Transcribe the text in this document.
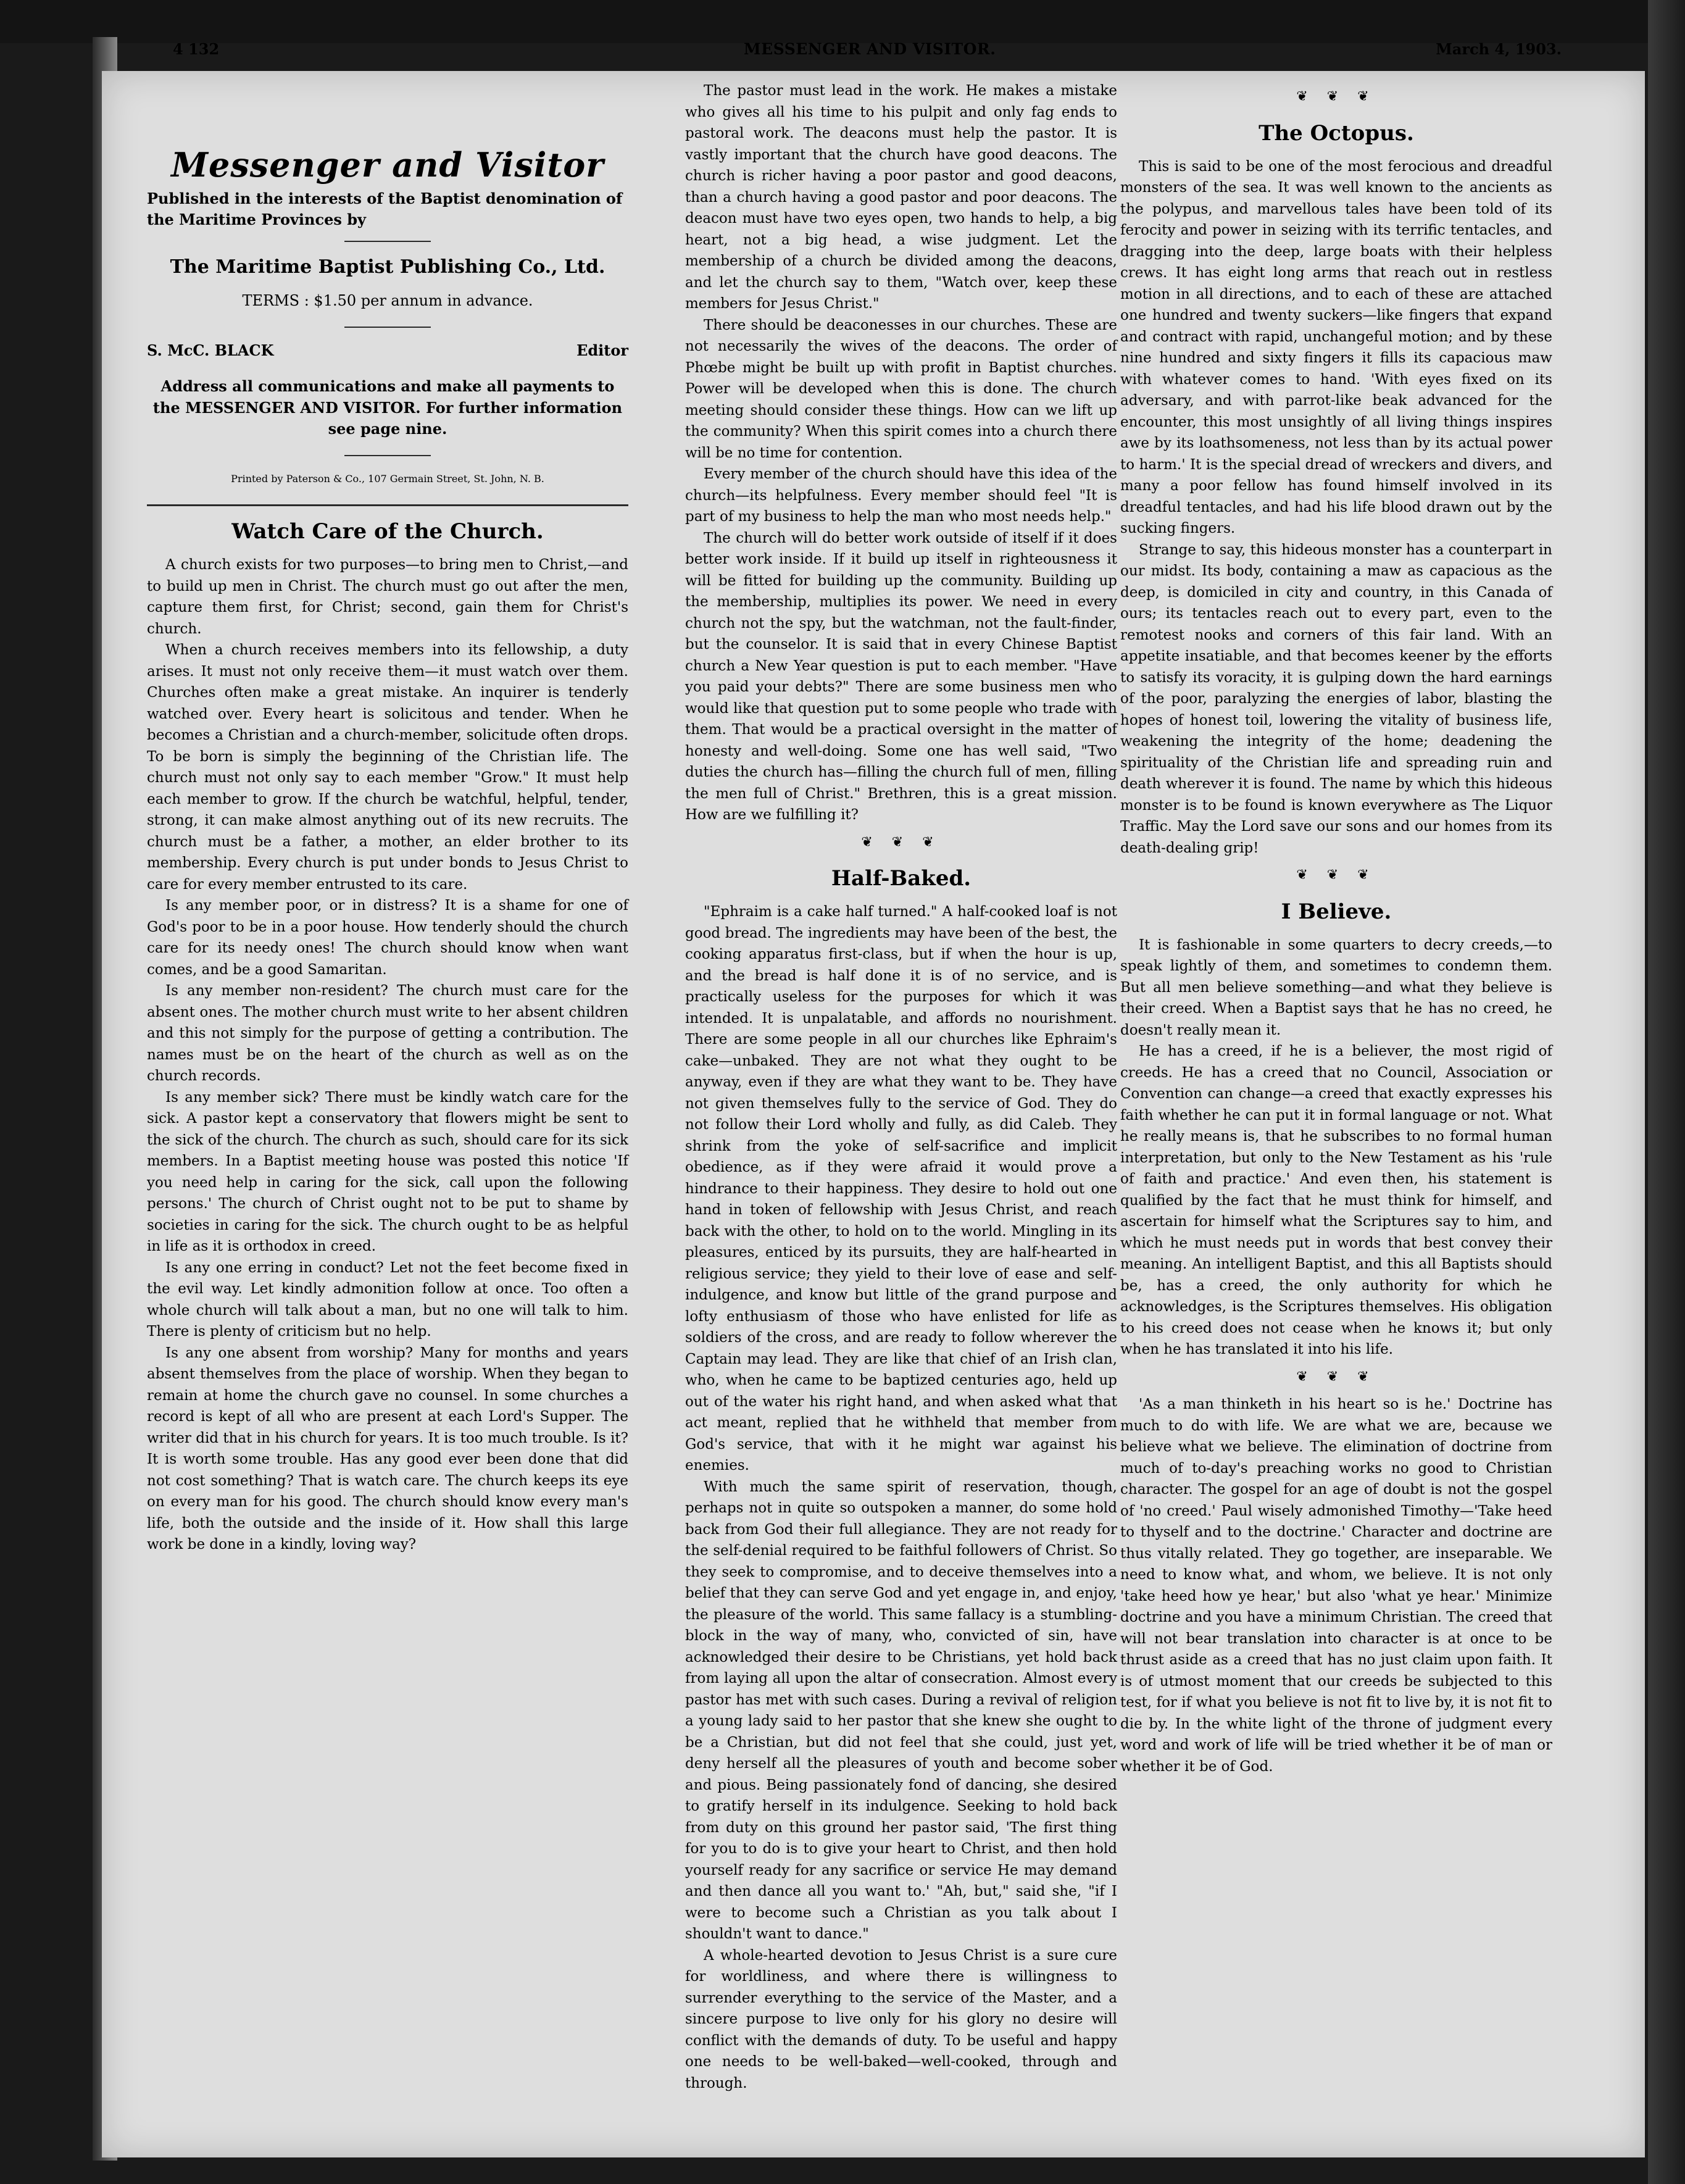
4 132	MESSENGER AND VISITOR.	March 4, 1903.
Messenger and Visitor
Published in the interests of the Baptist denomination of the Maritime Provinces by
The Maritime Baptist Publishing Co., Ltd.
TERMS : $1.50 per annum in advance.
S. McC. BLACK	Editor
Address all communications and make all payments to the MESSENGER AND VISITOR. For further information see page nine.
Printed by Paterson & Co., 107 Germain Street, St. John, N. B.
Watch Care of the Church.

A church exists for two purposes—to bring men to Christ,—and to build up men in Christ. The church must go out after the men, capture them first, for Christ; second, gain them for Christ's church.

When a church receives members into its fellowship, a duty arises. It must not only receive them—it must watch over them. Churches often make a great mistake. An inquirer is tenderly watched over. Every heart is solicitous and tender. When he becomes a Christian and a church-member, solicitude often drops. To be born is simply the beginning of the Christian life. The church must not only say to each member "Grow." It must help each member to grow. If the church be watchful, helpful, tender, strong, it can make almost anything out of its new recruits. The church must be a father, a mother, an elder brother to its membership. Every church is put under bonds to Jesus Christ to care for every member entrusted to its care.

Is any member poor, or in distress? It is a shame for one of God's poor to be in a poor house. How tenderly should the church care for its needy ones! The church should know when want comes, and be a good Samaritan.

Is any member non-resident? The church must care for the absent ones. The mother church must write to her absent children and this not simply for the purpose of getting a contribution. The names must be on the heart of the church as well as on the church records.

Is any member sick? There must be kindly watch care for the sick. A pastor kept a conservatory that flowers might be sent to the sick of the church. The church as such, should care for its sick members. In a Baptist meeting house was posted this notice 'If you need help in caring for the sick, call upon the following persons.' The church of Christ ought not to be put to shame by societies in caring for the sick. The church ought to be as helpful in life as it is orthodox in creed.

Is any one erring in conduct? Let not the feet become fixed in the evil way. Let kindly admonition follow at once. Too often a whole church will talk about a man, but no one will talk to him. There is plenty of criticism but no help.

Is any one absent from worship? Many for months and years absent themselves from the place of worship. When they began to remain at home the church gave no counsel. In some churches a record is kept of all who are present at each Lord's Supper. The writer did that in his church for years. It is too much trouble. Is it? It is worth some trouble. Has any good ever been done that did not cost something? That is watch care. The church keeps its eye on every man for his good. The church should know every man's life, both the outside and the inside of it. How shall this large work be done in a kindly, loving way?

The pastor must lead in the work. He makes a mistake who gives all his time to his pulpit and only fag ends to pastoral work. The deacons must help the pastor. It is vastly important that the church have good deacons. The church is richer having a poor pastor and good deacons, than a church having a good pastor and poor deacons. The deacon must have two eyes open, two hands to help, a big heart, not a big head, a wise judgment. Let the membership of a church be divided among the deacons, and let the church say to them, "Watch over, keep these members for Jesus Christ."

There should be deaconesses in our churches. These are not necessarily the wives of the deacons. The order of Phœbe might be built up with profit in Baptist churches. Power will be developed when this is done. The church meeting should consider these things. How can we lift up the community? When this spirit comes into a church there will be no time for contention.

Every member of the church should have this idea of the church—its helpfulness. Every member should feel "It is part of my business to help the man who most needs help."

The church will do better work outside of itself if it does better work inside. If it build up itself in righteousness it will be fitted for building up the community. Building up the membership, multiplies its power. We need in every church not the spy, but the watchman, not the fault-finder, but the counselor. It is said that in every Chinese Baptist church a New Year question is put to each member. "Have you paid your debts?" There are some business men who would like that question put to some people who trade with them. That would be a practical oversight in the matter of honesty and well-doing. Some one has well said, "Two duties the church has—filling the church full of men, filling the men full of Christ." Brethren, this is a great mission. How are we fulfilling it?

❦ ❦ ❦
Half-Baked.

"Ephraim is a cake half turned." A half-cooked loaf is not good bread. The ingredients may have been of the best, the cooking apparatus first-class, but if when the hour is up, and the bread is half done it is of no service, and is practically useless for the purposes for which it was intended. It is unpalatable, and affords no nourishment. There are some people in all our churches like Ephraim's cake—unbaked. They are not what they ought to be anyway, even if they are what they want to be. They have not given themselves fully to the service of God. They do not follow their Lord wholly and fully, as did Caleb. They shrink from the yoke of self-sacrifice and implicit obedience, as if they were afraid it would prove a hindrance to their happiness. They desire to hold out one hand in token of fellowship with Jesus Christ, and reach back with the other, to hold on to the world. Mingling in its pleasures, enticed by its pursuits, they are half-hearted in religious service; they yield to their love of ease and self-indulgence, and know but little of the grand purpose and lofty enthusiasm of those who have enlisted for life as soldiers of the cross, and are ready to follow wherever the Captain may lead. They are like that chief of an Irish clan, who, when he came to be baptized centuries ago, held up out of the water his right hand, and when asked what that act meant, replied that he withheld that member from God's service, that with it he might war against his enemies.

With much the same spirit of reservation, though, perhaps not in quite so outspoken a manner, do some hold back from God their full allegiance. They are not ready for the self-denial required to be faithful followers of Christ. So they seek to compromise, and to deceive themselves into a belief that they can serve God and yet engage in, and enjoy, the pleasure of the world. This same fallacy is a stumbling-block in the way of many, who, convicted of sin, have acknowledged their desire to be Christians, yet hold back from laying all upon the altar of consecration. Almost every pastor has met with such cases. During a revival of religion a young lady said to her pastor that she knew she ought to be a Christian, but did not feel that she could, just yet, deny herself all the pleasures of youth and become sober and pious. Being passionately fond of dancing, she desired to gratify herself in its indulgence. Seeking to hold back from duty on this ground her pastor said, 'The first thing for you to do is to give your heart to Christ, and then hold yourself ready for any sacrifice or service He may demand and then dance all you want to.' "Ah, but," said she, "if I were to become such a Christian as you talk about I shouldn't want to dance."

A whole-hearted devotion to Jesus Christ is a sure cure for worldliness, and where there is willingness to surrender everything to the service of the Master, and a sincere purpose to live only for his glory no desire will conflict with the demands of duty. To be useful and happy one needs to be well-baked—well-cooked, through and through.

❦ ❦ ❦
The Octopus.

This is said to be one of the most ferocious and dreadful monsters of the sea. It was well known to the ancients as the polypus, and marvellous tales have been told of its ferocity and power in seizing with its terrific tentacles, and dragging into the deep, large boats with their helpless crews. It has eight long arms that reach out in restless motion in all directions, and to each of these are attached one hundred and twenty suckers—like fingers that expand and contract with rapid, unchangeful motion; and by these nine hundred and sixty fingers it fills its capacious maw with whatever comes to hand. 'With eyes fixed on its adversary, and with parrot-like beak advanced for the encounter, this most unsightly of all living things inspires awe by its loathsomeness, not less than by its actual power to harm.' It is the special dread of wreckers and divers, and many a poor fellow has found himself involved in its dreadful tentacles, and had his life blood drawn out by the sucking fingers.

Strange to say, this hideous monster has a counterpart in our midst. Its body, containing a maw as capacious as the deep, is domiciled in city and country, in this Canada of ours; its tentacles reach out to every part, even to the remotest nooks and corners of this fair land. With an appetite insatiable, and that becomes keener by the efforts to satisfy its voracity, it is gulping down the hard earnings of the poor, paralyzing the energies of labor, blasting the hopes of honest toil, lowering the vitality of business life, weakening the integrity of the home; deadening the spirituality of the Christian life and spreading ruin and death wherever it is found. The name by which this hideous monster is to be found is known everywhere as The Liquor Traffic. May the Lord save our sons and our homes from its death-dealing grip!

❦ ❦ ❦
I Believe.

It is fashionable in some quarters to decry creeds,—to speak lightly of them, and sometimes to condemn them. But all men believe something—and what they believe is their creed. When a Baptist says that he has no creed, he doesn't really mean it.

He has a creed, if he is a believer, the most rigid of creeds. He has a creed that no Council, Association or Convention can change—a creed that exactly expresses his faith whether he can put it in formal language or not. What he really means is, that he subscribes to no formal human interpretation, but only to the New Testament as his 'rule of faith and practice.' And even then, his statement is qualified by the fact that he must think for himself, and ascertain for himself what the Scriptures say to him, and which he must needs put in words that best convey their meaning. An intelligent Baptist, and this all Baptists should be, has a creed, the only authority for which he acknowledges, is the Scriptures themselves. His obligation to his creed does not cease when he knows it; but only when he has translated it into his life.

❦ ❦ ❦

'As a man thinketh in his heart so is he.' Doctrine has much to do with life. We are what we are, because we believe what we believe. The elimination of doctrine from much of to-day's preaching works no good to Christian character. The gospel for an age of doubt is not the gospel of 'no creed.' Paul wisely admonished Timothy—'Take heed to thyself and to the doctrine.' Character and doctrine are thus vitally related. They go together, are inseparable. We need to know what, and whom, we believe. It is not only 'take heed how ye hear,' but also 'what ye hear.' Minimize doctrine and you have a minimum Christian. The creed that will not bear translation into character is at once to be thrust aside as a creed that has no just claim upon faith. It is of utmost moment that our creeds be subjected to this test, for if what you believe is not fit to live by, it is not fit to die by. In the white light of the throne of judgment every word and work of life will be tried whether it be of man or whether it be of God.
